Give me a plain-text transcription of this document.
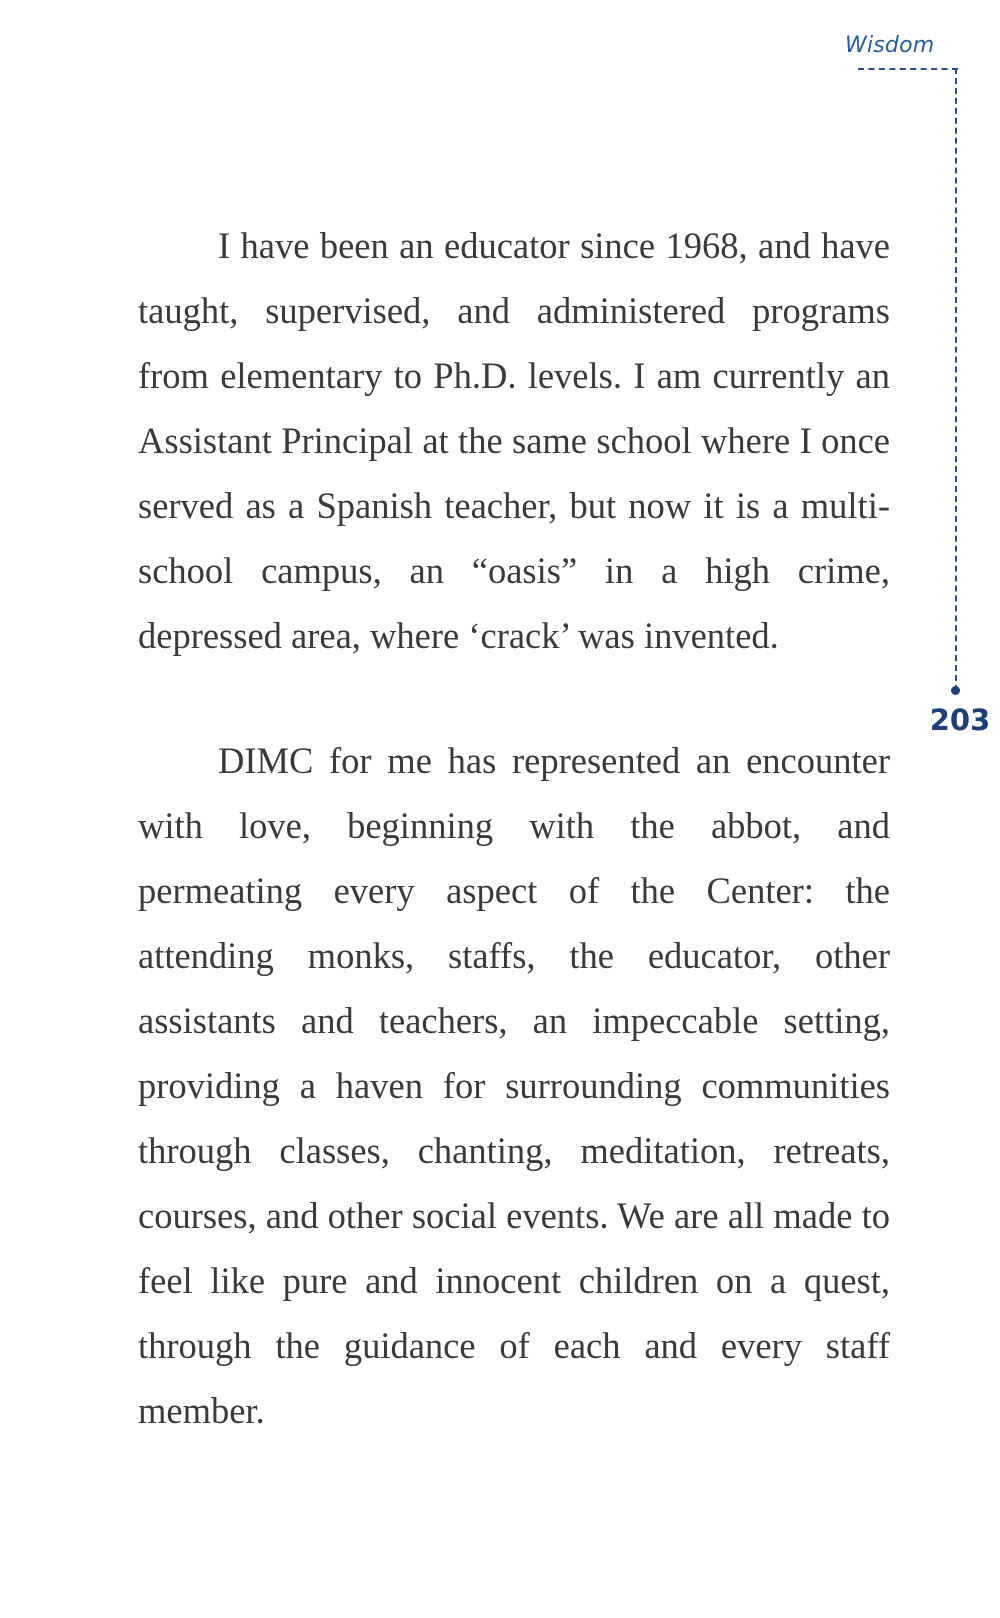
Wisdom
203

I have been an educator since 1968, and have taught, supervised, and administered programs from elementary to Ph.D. levels. I am currently an Assistant Principal at the same school where I once served as a Spanish teacher, but now it is a multi-school campus, an “oasis” in a high crime, depressed area, where ‘crack’ was invented.

DIMC for me has represented an encounter with love, beginning with the abbot, and permeating every aspect of the Center: the attending monks, staffs, the educator, other assistants and teachers, an impeccable setting, providing a haven for surrounding communities through classes, chanting, meditation, retreats, courses, and other social events. We are all made to feel like pure and innocent children on a quest, through the guidance of each and every staff member.
